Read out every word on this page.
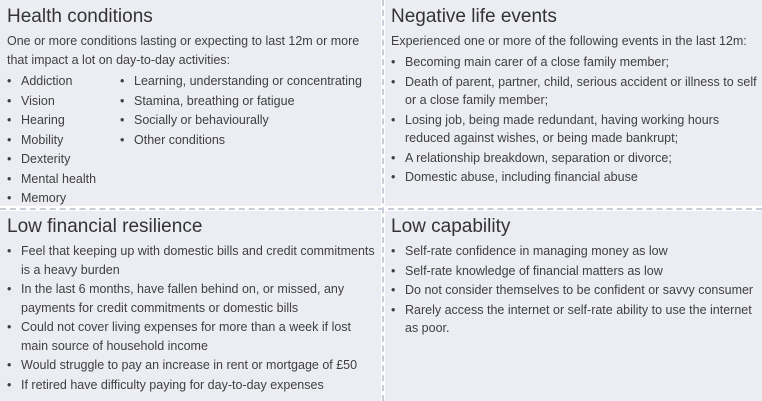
Health conditions

One or more conditions lasting or expecting to last 12m or more that impact a lot on day-to-day activities:

• Addiction
• Vision
• Hearing
• Mobility
• Dexterity
• Mental health
• Memory
• Learning, understanding or concentrating
• Stamina, breathing or fatigue
• Socially or behaviourally
• Other conditions
Negative life events

Experienced one or more of the following events in the last 12m:

• Becoming main carer of a close family member;
• Death of parent, partner, child, serious accident or illness to self or a close family member;
• Losing job, being made redundant, having working hours reduced against wishes, or being made bankrupt;
• A relationship breakdown, separation or divorce;
• Domestic abuse, including financial abuse
Low financial resilience
• Feel that keeping up with domestic bills and credit commitments is a heavy burden
• In the last 6 months, have fallen behind on, or missed, any payments for credit commitments or domestic bills
• Could not cover living expenses for more than a week if lost main source of household income
• Would struggle to pay an increase in rent or mortgage of £50
• If retired have difficulty paying for day-to-day expenses
Low capability
• Self-rate confidence in managing money as low
• Self-rate knowledge of financial matters as low
• Do not consider themselves to be confident or savvy consumer
• Rarely access the internet or self-rate ability to use the internet as poor.
